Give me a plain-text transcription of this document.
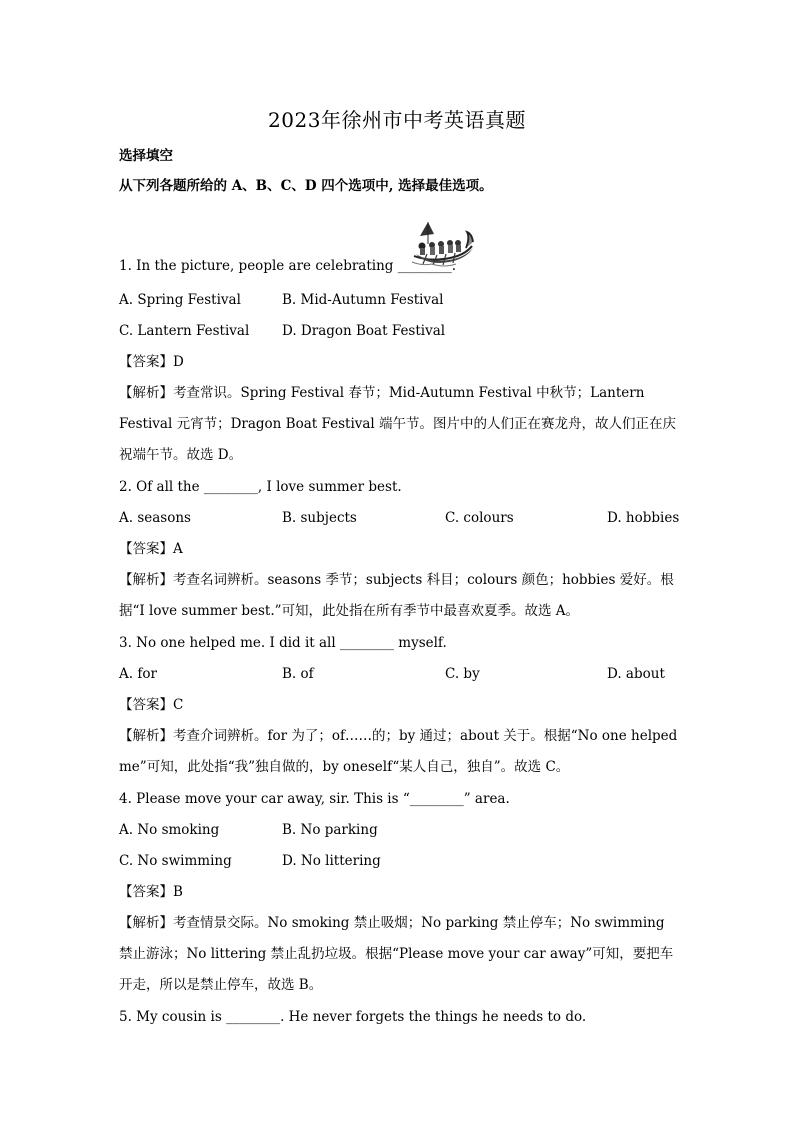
2023年徐州市中考英语真题
选择填空
从下列各题所给的 A、B、C、D 四个选项中, 选择最佳选项。
1. In the picture, people are celebrating ________.
A. Spring Festival	B. Mid-Autumn Festival
C. Lantern Festival D. Dragon Boat Festival
【答案】D
【解析】考查常识。Spring Festival 春节；Mid-Autumn Festival 中秋节；Lantern Festival 元宵节；Dragon Boat Festival 端午节。图片中的人们正在赛龙舟，故人们正在庆祝端午节。故选 D。
2. Of all the ________, I love summer best.
A. seasons	B. subjects	C. colours	D. hobbies
【答案】A
【解析】考查名词辨析。seasons 季节；subjects 科目；colours 颜色；hobbies 爱好。根据“I love summer best.”可知，此处指在所有季节中最喜欢夏季。故选 A。
3. No one helped me. I did it all ________ myself.
A. for	B. of	C. by	D. about
【答案】C
【解析】考查介词辨析。for 为了；of……的；by 通过；about 关于。根据“No one helped me”可知，此处指“我”独自做的，by oneself“某人自己，独自”。故选 C。
4. Please move your car away, sir. This is “________” area.
A. No smoking	B. No parking
C. No swimming	D. No littering
【答案】B
【解析】考查情景交际。No smoking 禁止吸烟；No parking 禁止停车；No swimming 禁止游泳；No littering 禁止乱扔垃圾。根据“Please move your car away”可知，要把车开走，所以是禁止停车，故选 B。
5. My cousin is ________. He never forgets the things he needs to do.
